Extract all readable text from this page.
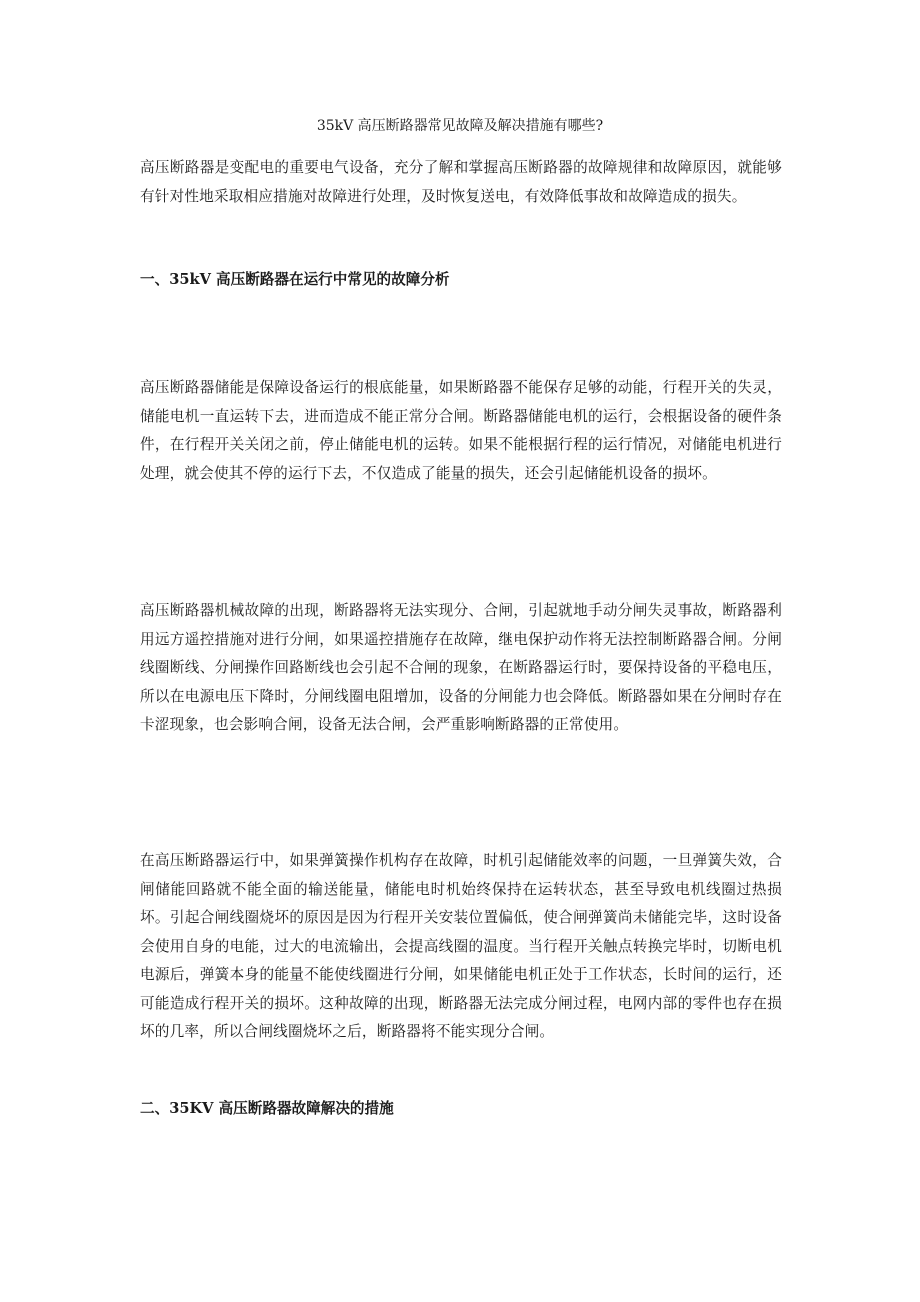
35kV 高压断路器常见故障及解决措施有哪些?

高压断路器是变配电的重要电气设备，充分了解和掌握高压断路器的故障规律和故障原因，就能够有针对性地采取相应措施对故障进行处理，及时恢复送电，有效降低事故和故障造成的损失。

一、35kV 高压断路器在运行中常见的故障分析

高压断路器储能是保障设备运行的根底能量，如果断路器不能保存足够的动能，行程开关的失灵，储能电机一直运转下去，进而造成不能正常分合闸。断路器储能电机的运行，会根据设备的硬件条件，在行程开关关闭之前，停止储能电机的运转。如果不能根据行程的运行情况，对储能电机进行处理，就会使其不停的运行下去，不仅造成了能量的损失，还会引起储能机设备的损坏。

高压断路器机械故障的出现，断路器将无法实现分、合闸，引起就地手动分闸失灵事故，断路器利用远方遥控措施对进行分闸，如果遥控措施存在故障，继电保护动作将无法控制断路器合闸。分闸线圈断线、分闸操作回路断线也会引起不合闸的现象，在断路器运行时，要保持设备的平稳电压，所以在电源电压下降时，分闸线圈电阻增加，设备的分闸能力也会降低。断路器如果在分闸时存在卡涩现象，也会影响合闸，设备无法合闸，会严重影响断路器的正常使用。

在高压断路器运行中，如果弹簧操作机构存在故障，时机引起储能效率的问题，一旦弹簧失效，合闸储能回路就不能全面的输送能量，储能电时机始终保持在运转状态，甚至导致电机线圈过热损坏。引起合闸线圈烧坏的原因是因为行程开关安装位置偏低，使合闸弹簧尚未储能完毕，这时设备会使用自身的电能，过大的电流输出，会提高线圈的温度。当行程开关触点转换完毕时，切断电机电源后，弹簧本身的能量不能使线圈进行分闸，如果储能电机正处于工作状态，长时间的运行，还可能造成行程开关的损坏。这种故障的出现，断路器无法完成分闸过程，电网内部的零件也存在损坏的几率，所以合闸线圈烧坏之后，断路器将不能实现分合闸。

二、35KV 高压断路器故障解决的措施
